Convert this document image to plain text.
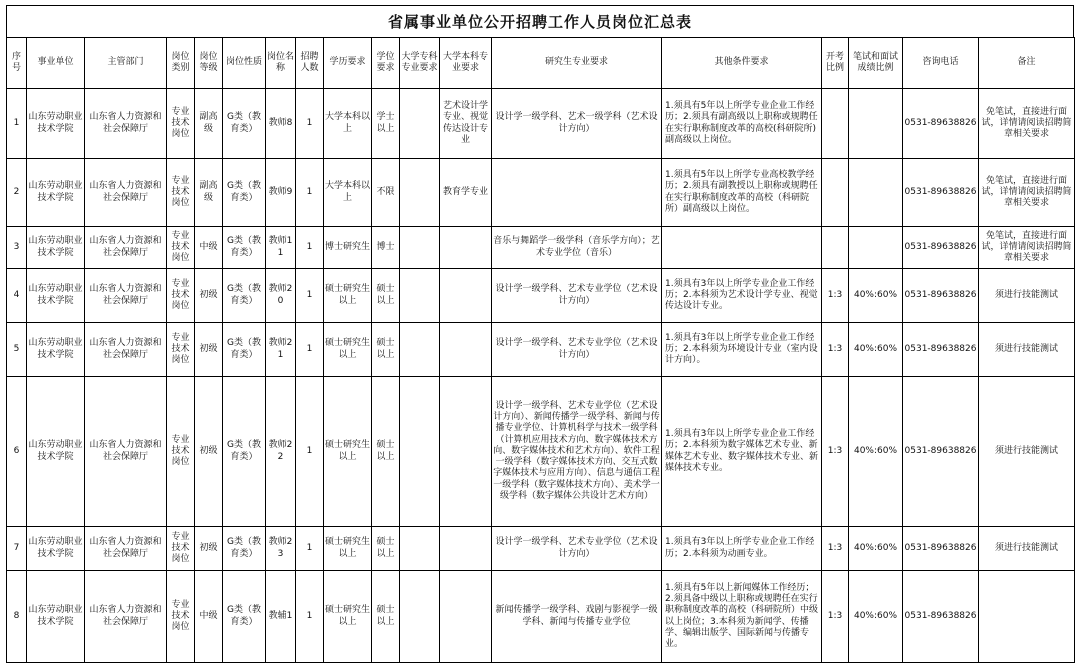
省属事业单位公开招聘工作人员岗位汇总表
序号	事业单位	主管部门	岗位类别	岗位等级	岗位性质	岗位名称	招聘人数	学历要求	学位要求	大学专科专业要求	大学本科专业要求	研究生专业要求	其他条件要求	开考比例	笔试和面试成绩比例	咨询电话	备注
1	山东劳动职业技术学院	山东省人力资源和社会保障厅	专业技术岗位	副高级	G类（教育类）	教师8	1	大学本科以上	学士以上		艺术设计学专业、视觉传达设计专业	设计学一级学科、艺术一级学科（艺术设计方向）	1.须具有5年以上所学专业企业工作经历；2.须具有副高级以上职称或规聘任在实行职称制度改革的高校(科研院所)副高级以上岗位。			0531-89638826	免笔试，直接进行面试，详情请阅读招聘简章相关要求
2	山东劳动职业技术学院	山东省人力资源和社会保障厅	专业技术岗位	副高级	G类（教育类）	教师9	1	大学本科以上	不限		教育学专业		1.须具有5年以上所学专业高校教学经历；2.须具有副教授以上职称或规聘任在实行职称制度改革的高校（科研院所）副高级以上岗位。			0531-89638826	免笔试，直接进行面试，详情请阅读招聘简章相关要求
3	山东劳动职业技术学院	山东省人力资源和社会保障厅	专业技术岗位	中级	G类（教育类）	教师11	1	博士研究生	博士			音乐与舞蹈学一级学科（音乐学方向）；艺术专业学位（音乐）				0531-89638826	免笔试，直接进行面试，详情请阅读招聘简章相关要求
4	山东劳动职业技术学院	山东省人力资源和社会保障厅	专业技术岗位	初级	G类（教育类）	教师20	1	硕士研究生以上	硕士以上			设计学一级学科、艺术专业学位（艺术设计方向）	1.须具有3年以上所学专业企业工作经历；2.本科须为艺术设计学专业、视觉传达设计专业。	1:3	40%:60%	0531-89638826	须进行技能测试
5	山东劳动职业技术学院	山东省人力资源和社会保障厅	专业技术岗位	初级	G类（教育类）	教师21	1	硕士研究生以上	硕士以上			设计学一级学科、艺术专业学位（艺术设计方向）	1.须具有3年以上所学专业企业工作经历；2.本科须为环境设计专业（室内设计方向）。	1:3	40%:60%	0531-89638826	须进行技能测试
6	山东劳动职业技术学院	山东省人力资源和社会保障厅	专业技术岗位	初级	G类（教育类）	教师22	1	硕士研究生以上	硕士以上			设计学一级学科、艺术专业学位（艺术设计方向）、新闻传播学一级学科、新闻与传播专业学位、计算机科学与技术一级学科（计算机应用技术方向、数字媒体技术方向、数字媒体技术和艺术方向）、软件工程一级学科（数字媒体技术方向、交互式数字媒体技术与应用方向）、信息与通信工程一级学科（数字媒体技术方向）、美术学一级学科（数字媒体公共设计艺术方向）	1.须具有3年以上所学专业企业工作经历；2.本科须为数字媒体艺术专业、新媒体艺术专业、数字媒体技术专业、新媒体技术专业。	1:3	40%:60%	0531-89638826	须进行技能测试
7	山东劳动职业技术学院	山东省人力资源和社会保障厅	专业技术岗位	初级	G类（教育类）	教师23	1	硕士研究生以上	硕士以上			设计学一级学科、艺术专业学位（艺术设计方向）	1.须具有3年以上所学专业企业工作经历；2.本科须为动画专业。	1:3	40%:60%	0531-89638826	须进行技能测试
8	山东劳动职业技术学院	山东省人力资源和社会保障厅	专业技术岗位	中级	G类（教育类）	教辅1	1	硕士研究生以上	硕士以上			新闻传播学一级学科、戏剧与影视学一级学科、新闻与传播专业学位	1.须具有5年以上新闻媒体工作经历；2.须具备中级以上职称或规聘任在实行职称制度改革的高校（科研院所）中级以上岗位；3.本科须为新闻学、传播学、编辑出版学、国际新闻与传播专业。	1:3	40%:60%	0531-89638826	
